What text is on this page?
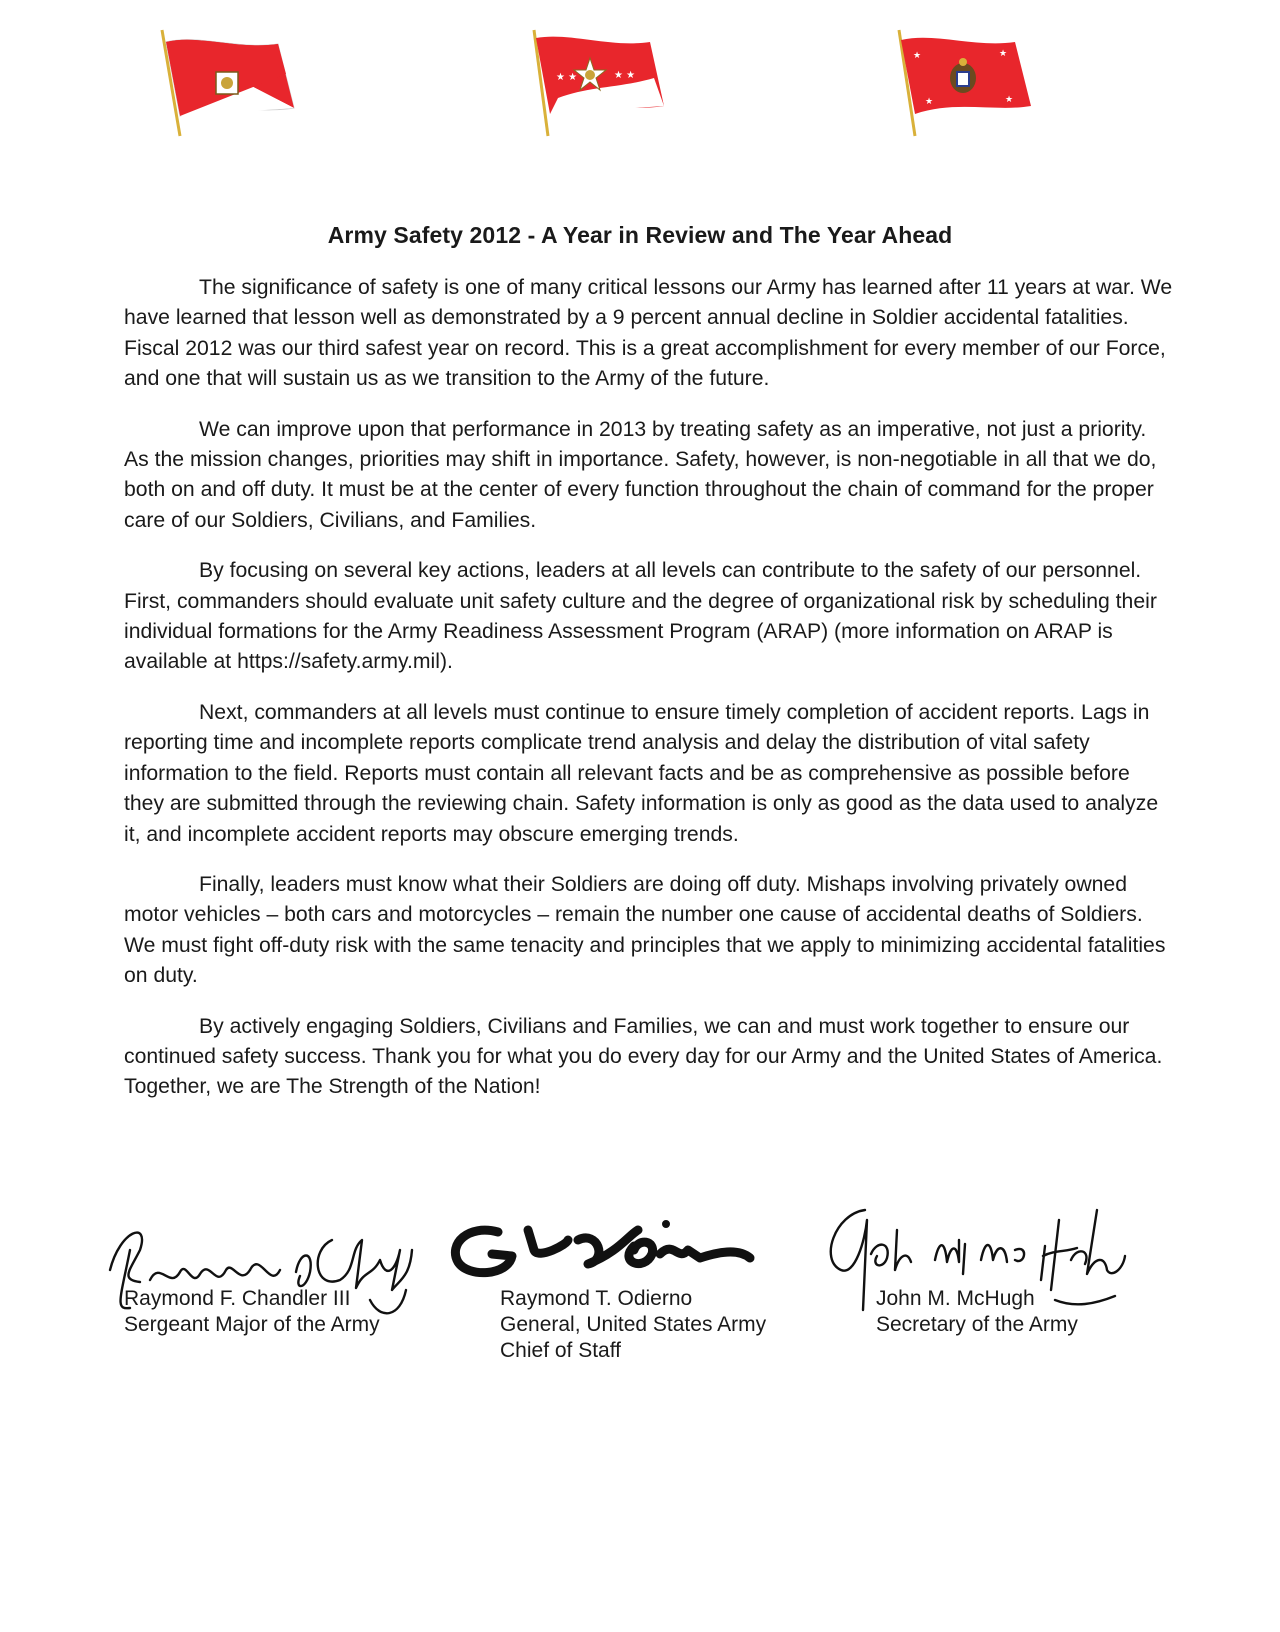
★ ★	★ ★
★	★
★	★
Army Safety 2012 - A Year in Review and The Year Ahead

The significance of safety is one of many critical lessons our Army has learned after 11 years at war. We have learned that lesson well as demonstrated by a 9 percent annual decline in Soldier accidental fatalities. Fiscal 2012 was our third safest year on record. This is a great accomplishment for every member of our Force, and one that will sustain us as we transition to the Army of the future.

We can improve upon that performance in 2013 by treating safety as an imperative, not just a priority. As the mission changes, priorities may shift in importance. Safety, however, is non-negotiable in all that we do, both on and off duty. It must be at the center of every function throughout the chain of command for the proper care of our Soldiers, Civilians, and Families.

By focusing on several key actions, leaders at all levels can contribute to the safety of our personnel. First, commanders should evaluate unit safety culture and the degree of organizational risk by scheduling their individual formations for the Army Readiness Assessment Program (ARAP) (more information on ARAP is available at https://safety.army.mil).

Next, commanders at all levels must continue to ensure timely completion of accident reports. Lags in reporting time and incomplete reports complicate trend analysis and delay the distribution of vital safety information to the field. Reports must contain all relevant facts and be as comprehensive as possible before they are submitted through the reviewing chain. Safety information is only as good as the data used to analyze it, and incomplete accident reports may obscure emerging trends.

Finally, leaders must know what their Soldiers are doing off duty. Mishaps involving privately owned motor vehicles – both cars and motorcycles – remain the number one cause of accidental deaths of Soldiers. We must fight off-duty risk with the same tenacity and principles that we apply to minimizing accidental fatalities on duty.

By actively engaging Soldiers, Civilians and Families, we can and must work together to ensure our continued safety success. Thank you for what you do every day for our Army and the United States of America. Together, we are The Strength of the Nation!

Raymond F. Chandler III
Sergeant Major of the Army
Raymond T. Odierno
General, United States Army
Chief of Staff
John M. McHugh
Secretary of the Army
